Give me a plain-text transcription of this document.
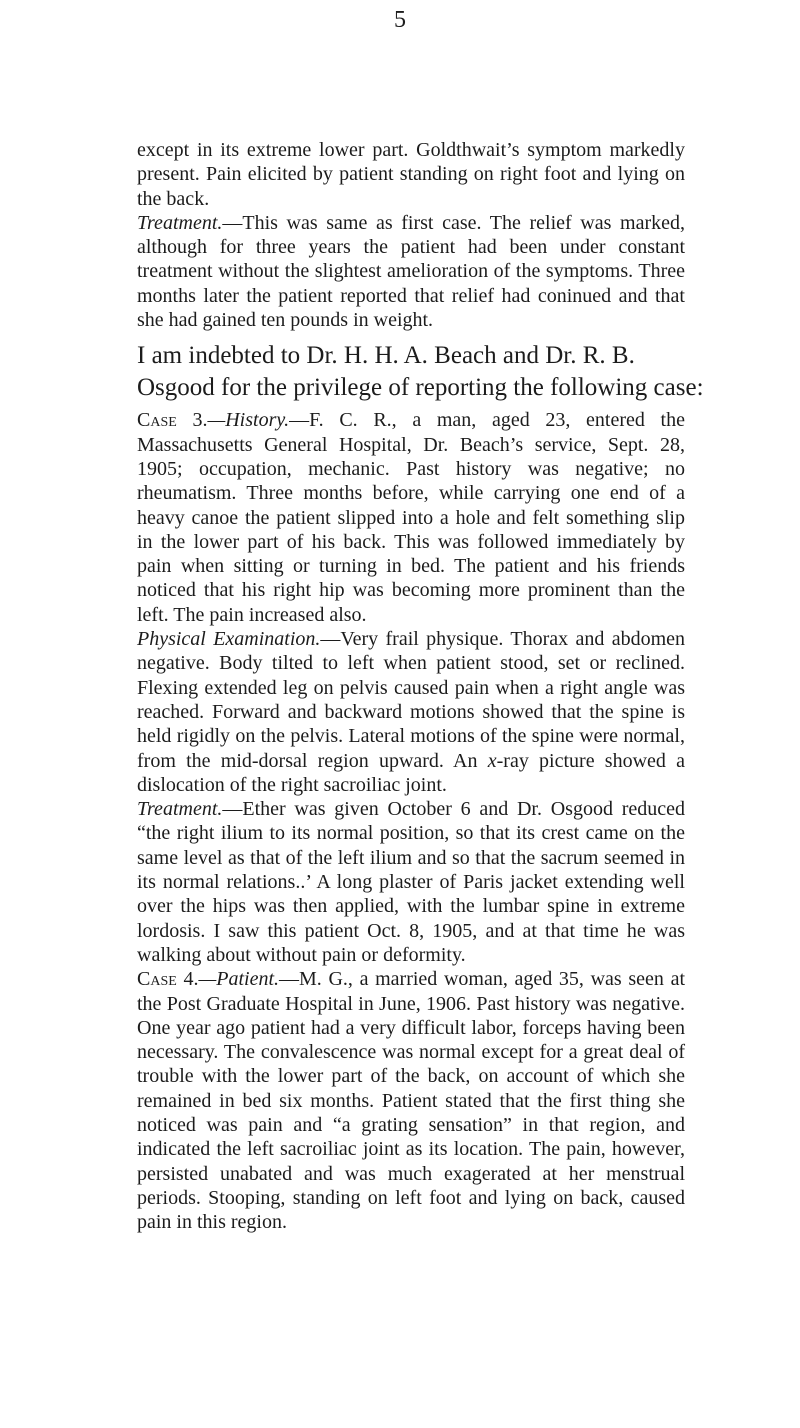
5

except in its extreme lower part. Goldthwait’s symptom markedly present. Pain elicited by patient standing on right foot and lying on the back.

Treatment.—This was same as first case. The relief was marked, although for three years the patient had been under constant treatment without the slightest amelioration of the symptoms. Three months later the patient reported that relief had coninued and that she had gained ten pounds in weight.

I am indebted to Dr. H. H. A. Beach and Dr. R. B.
Osgood for the privilege of reporting the following case:

Case 3.—History.—F. C. R., a man, aged 23, entered the Massachusetts General Hospital, Dr. Beach’s service, Sept. 28, 1905; occupation, mechanic. Past history was negative; no rheumatism. Three months before, while carrying one end of a heavy canoe the patient slipped into a hole and felt something slip in the lower part of his back. This was followed immediately by pain when sitting or turning in bed. The patient and his friends noticed that his right hip was becoming more prominent than the left. The pain increased also.

Physical Examination.—Very frail physique. Thorax and abdomen negative. Body tilted to left when patient stood, set or reclined. Flexing extended leg on pelvis caused pain when a right angle was reached. Forward and backward motions showed that the spine is held rigidly on the pelvis. Lateral motions of the spine were normal, from the mid-dorsal region upward. An x-ray picture showed a dislocation of the right sacroiliac joint.

Treatment.—Ether was given October 6 and Dr. Osgood reduced “the right ilium to its normal position, so that its crest came on the same level as that of the left ilium and so that the sacrum seemed in its normal relations..’ A long plaster of Paris jacket extending well over the hips was then applied, with the lumbar spine in extreme lordosis. I saw this patient Oct. 8, 1905, and at that time he was walking about without pain or deformity.

Case 4.—Patient.—M. G., a married woman, aged 35, was seen at the Post Graduate Hospital in June, 1906. Past history was negative. One year ago patient had a very difficult labor, forceps having been necessary. The convalescence was normal except for a great deal of trouble with the lower part of the back, on account of which she remained in bed six months. Patient stated that the first thing she noticed was pain and “a grating sensation” in that region, and indicated the left sacroiliac joint as its location. The pain, however, persisted unabated and was much exagerated at her menstrual periods. Stooping, standing on left foot and lying on back, caused pain in this region.
